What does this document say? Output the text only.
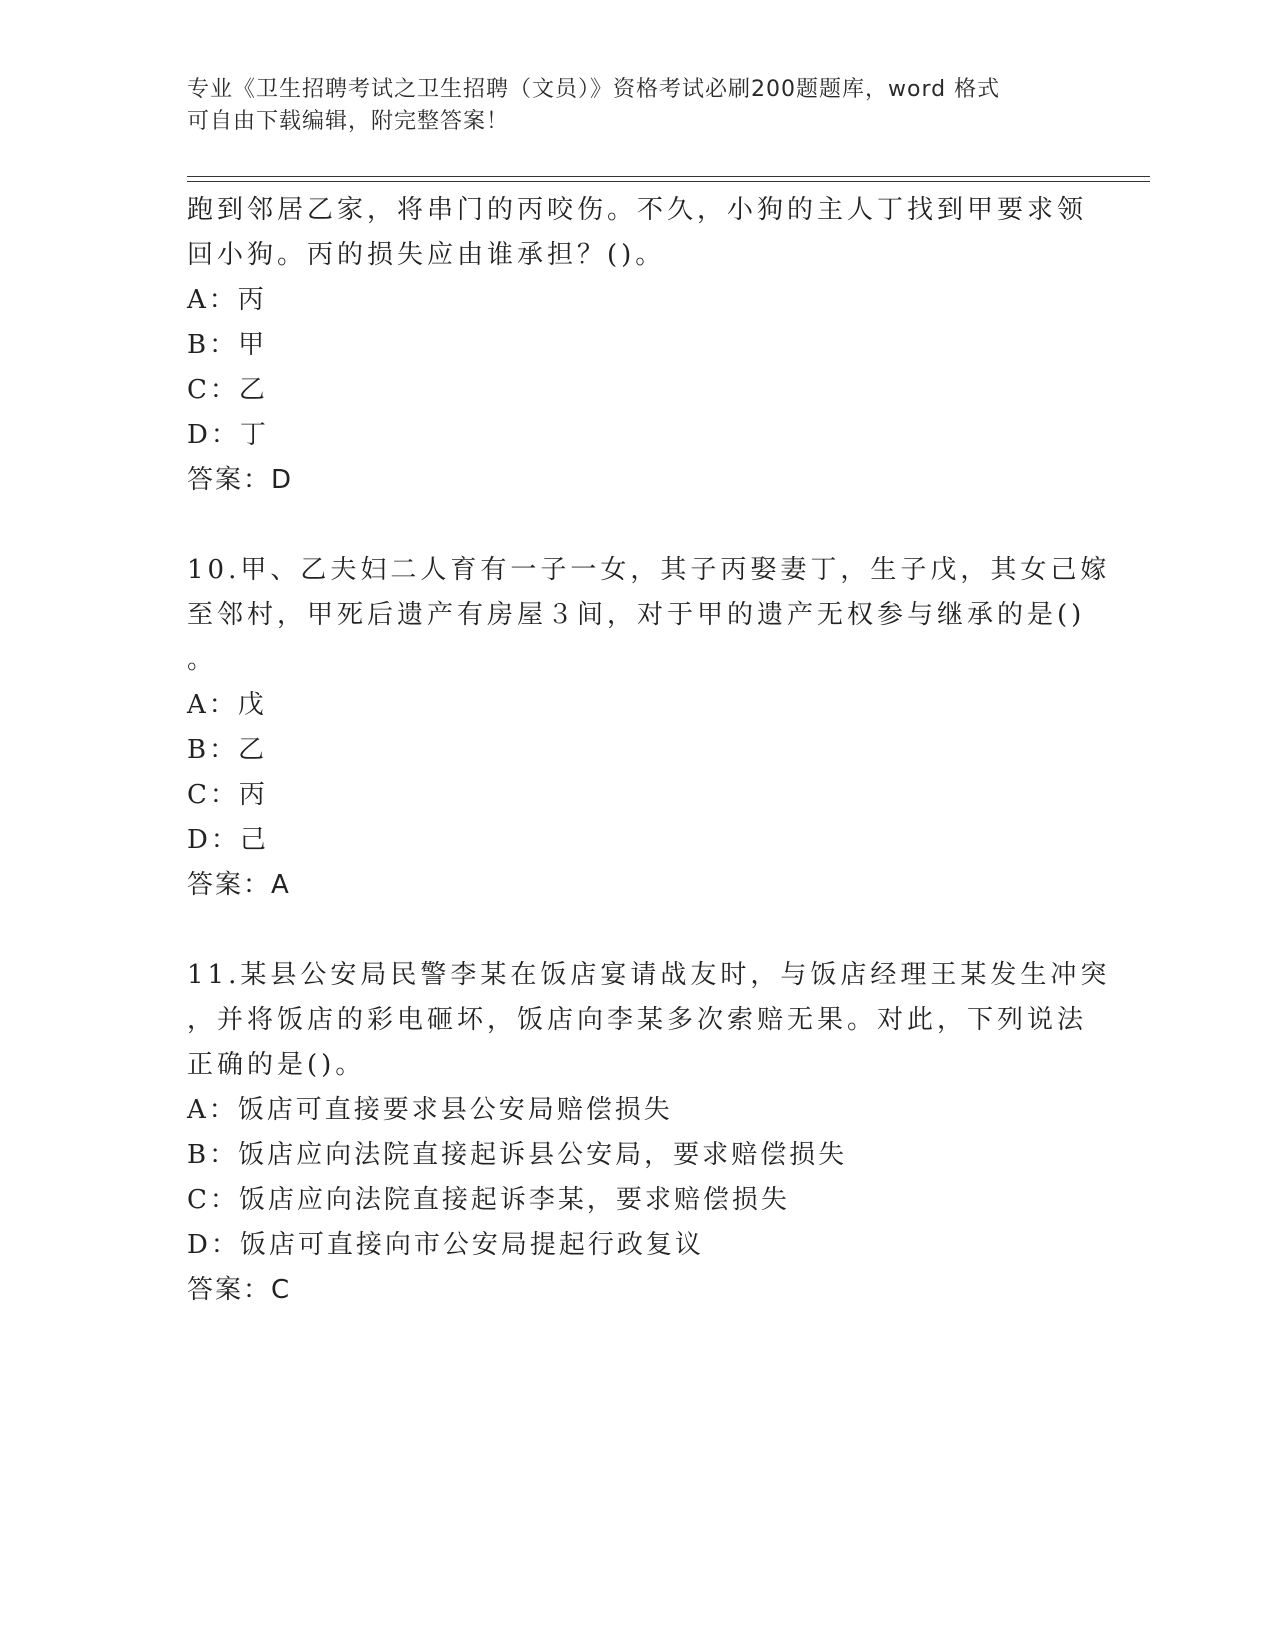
专业《卫生招聘考试之卫生招聘（文员）》资格考试必刷200题题库，word 格式
可自由下载编辑，附完整答案！
跑到邻居乙家，将串门的丙咬伤。不久，小狗的主人丁找到甲要求领
回小狗。丙的损失应由谁承担？()。
A：丙
B：甲
C：乙
D：丁
答案：D
10.甲、乙夫妇二人育有一子一女，其子丙娶妻丁，生子戊，其女己嫁
至邻村，甲死后遗产有房屋３间，对于甲的遗产无权参与继承的是()
。
A：戊
B：乙
C：丙
D：己
答案：A
11.某县公安局民警李某在饭店宴请战友时，与饭店经理王某发生冲突
，并将饭店的彩电砸坏，饭店向李某多次索赔无果。对此，下列说法
正确的是()。
A：饭店可直接要求县公安局赔偿损失
B：饭店应向法院直接起诉县公安局，要求赔偿损失
C：饭店应向法院直接起诉李某，要求赔偿损失
D：饭店可直接向市公安局提起行政复议
答案：C
